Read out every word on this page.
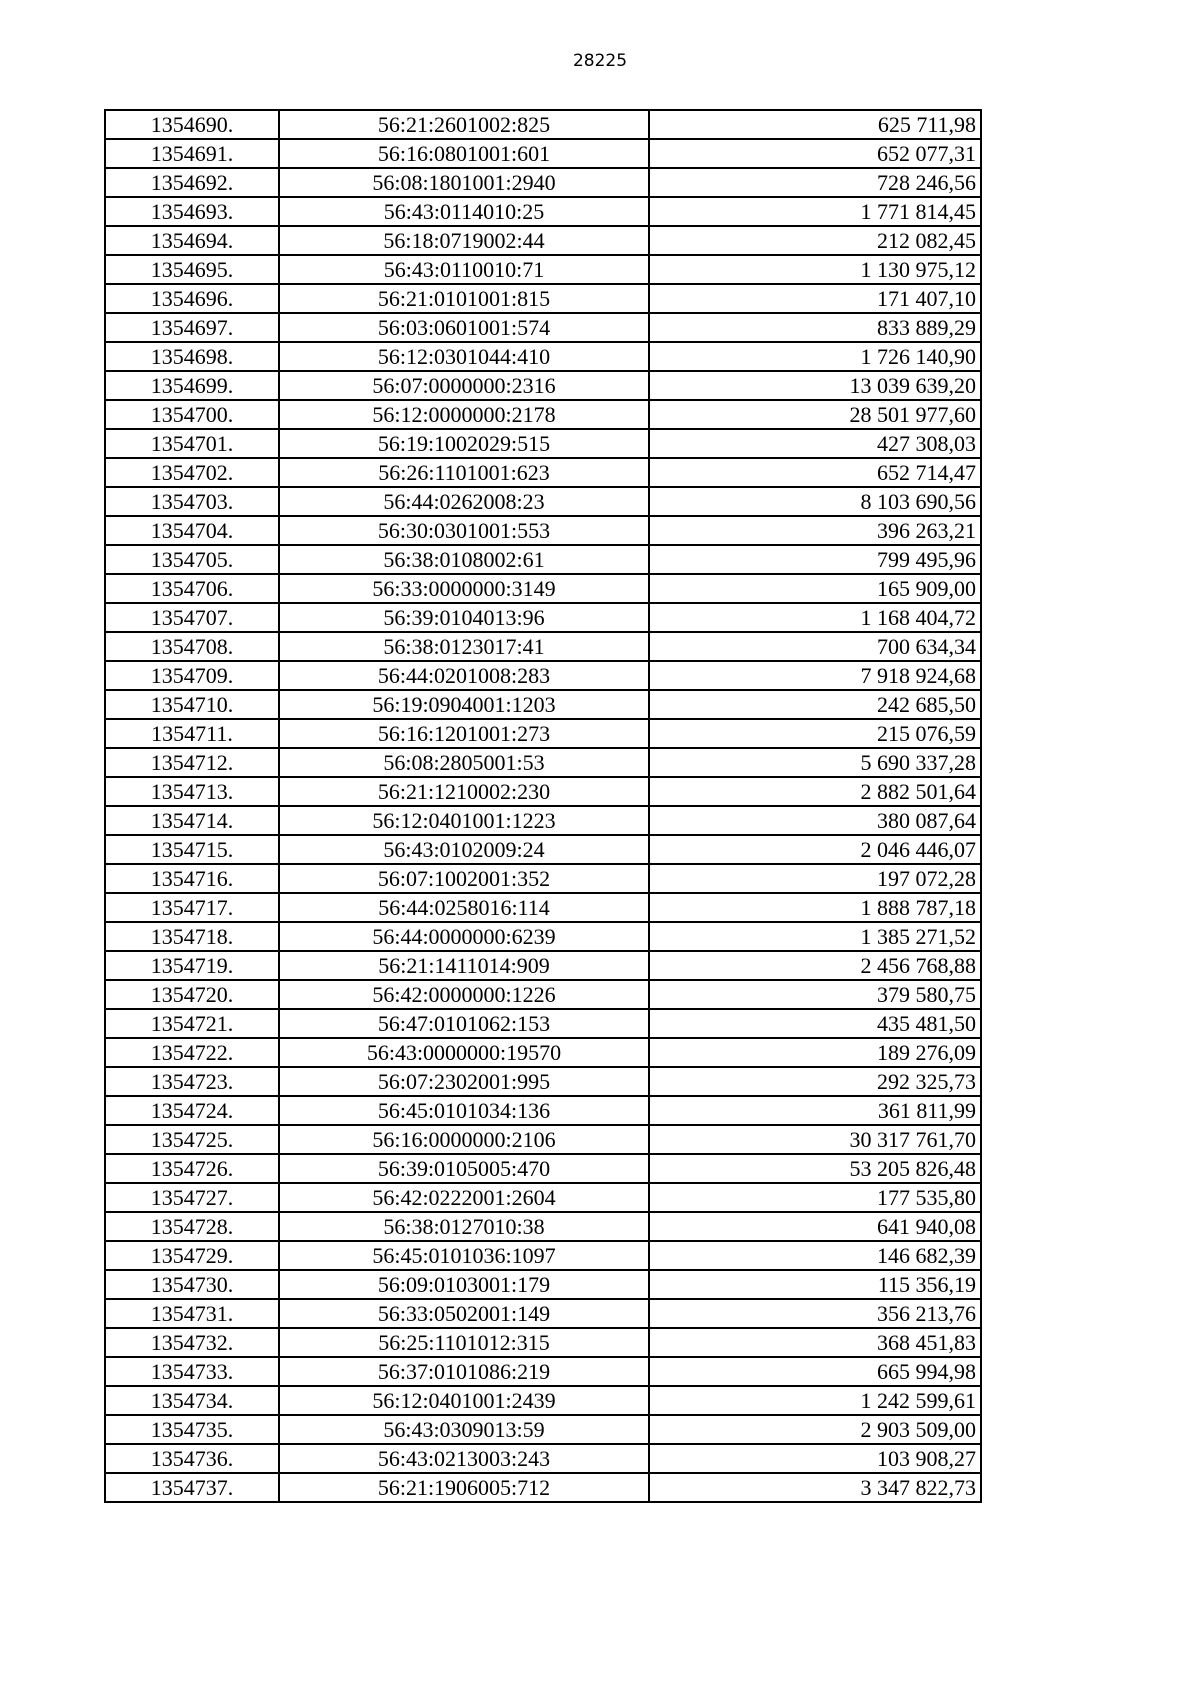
28225
1354690.	56:21:2601002:825	625 711,98
1354691.	56:16:0801001:601	652 077,31
1354692.	56:08:1801001:2940	728 246,56
1354693.	56:43:0114010:25	1 771 814,45
1354694.	56:18:0719002:44	212 082,45
1354695.	56:43:0110010:71	1 130 975,12
1354696.	56:21:0101001:815	171 407,10
1354697.	56:03:0601001:574	833 889,29
1354698.	56:12:0301044:410	1 726 140,90
1354699.	56:07:0000000:2316	13 039 639,20
1354700.	56:12:0000000:2178	28 501 977,60
1354701.	56:19:1002029:515	427 308,03
1354702.	56:26:1101001:623	652 714,47
1354703.	56:44:0262008:23	8 103 690,56
1354704.	56:30:0301001:553	396 263,21
1354705.	56:38:0108002:61	799 495,96
1354706.	56:33:0000000:3149	165 909,00
1354707.	56:39:0104013:96	1 168 404,72
1354708.	56:38:0123017:41	700 634,34
1354709.	56:44:0201008:283	7 918 924,68
1354710.	56:19:0904001:1203	242 685,50
1354711.	56:16:1201001:273	215 076,59
1354712.	56:08:2805001:53	5 690 337,28
1354713.	56:21:1210002:230	2 882 501,64
1354714.	56:12:0401001:1223	380 087,64
1354715.	56:43:0102009:24	2 046 446,07
1354716.	56:07:1002001:352	197 072,28
1354717.	56:44:0258016:114	1 888 787,18
1354718.	56:44:0000000:6239	1 385 271,52
1354719.	56:21:1411014:909	2 456 768,88
1354720.	56:42:0000000:1226	379 580,75
1354721.	56:47:0101062:153	435 481,50
1354722.	56:43:0000000:19570	189 276,09
1354723.	56:07:2302001:995	292 325,73
1354724.	56:45:0101034:136	361 811,99
1354725.	56:16:0000000:2106	30 317 761,70
1354726.	56:39:0105005:470	53 205 826,48
1354727.	56:42:0222001:2604	177 535,80
1354728.	56:38:0127010:38	641 940,08
1354729.	56:45:0101036:1097	146 682,39
1354730.	56:09:0103001:179	115 356,19
1354731.	56:33:0502001:149	356 213,76
1354732.	56:25:1101012:315	368 451,83
1354733.	56:37:0101086:219	665 994,98
1354734.	56:12:0401001:2439	1 242 599,61
1354735.	56:43:0309013:59	2 903 509,00
1354736.	56:43:0213003:243	103 908,27
1354737.	56:21:1906005:712	3 347 822,73
